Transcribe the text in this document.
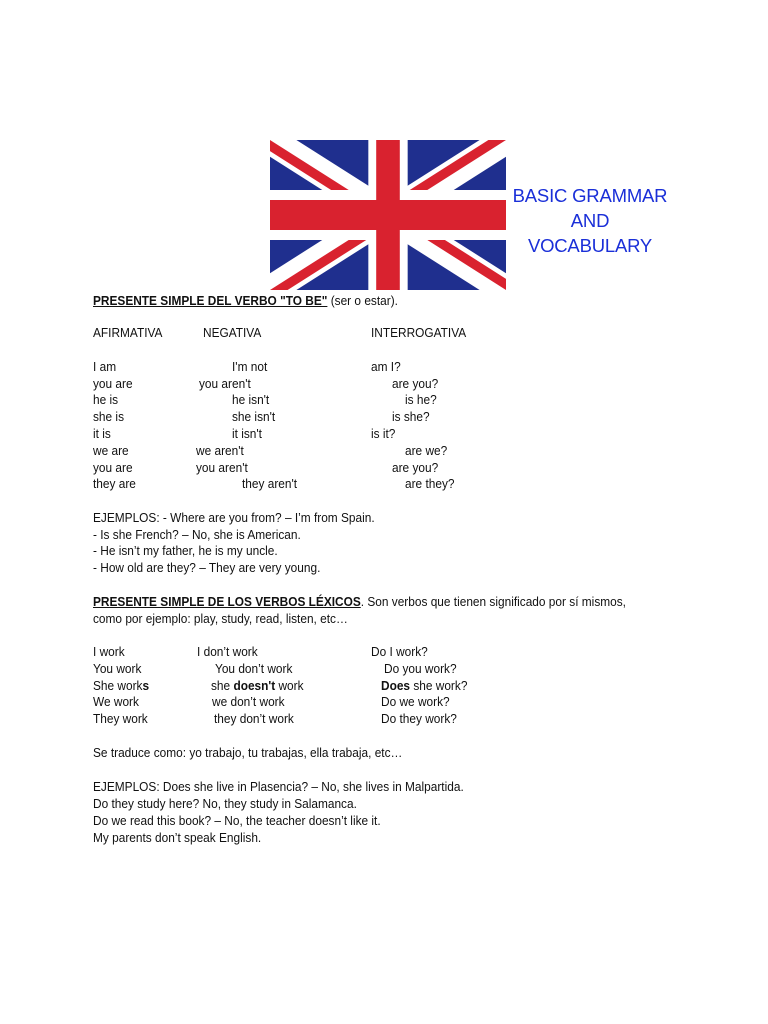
BASIC GRAMMAR
AND
VOCABULARY
PRESENTE SIMPLE DEL VERBO "TO BE" (ser o estar).
AFIRMATIVA	NEGATIVA	INTERROGATIVA
I am	I'm not	am I?
you are	you aren't	are you?
he is	he isn't	is he?
she is	she isn't	is she?
it is	it isn't	is it?
we are	we aren't	are we?
you are	you aren't	are you?
they are	they aren't	are they?
EJEMPLOS: - Where are you from? – I’m from Spain.
- Is she French? – No, she is American.
- He isn’t my father, he is my uncle.
- How old are they? – They are very young.
PRESENTE SIMPLE DE LOS VERBOS LÉXICOS. Son verbos que tienen significado por sí mismos,
como por ejemplo: play, study, read, listen, etc…
I work	I don’t work	Do I work?
You work	You don’t work	Do you work?
She works	she doesn't work	Does she work?
We work	we don’t work	Do we work?
They work	they don’t work	Do they work?
Se traduce como: yo trabajo, tu trabajas, ella trabaja, etc…
EJEMPLOS: Does she live in Plasencia? – No, she lives in Malpartida.
Do they study here? No, they study in Salamanca.
Do we read this book? – No, the teacher doesn’t like it.
My parents don’t speak English.
